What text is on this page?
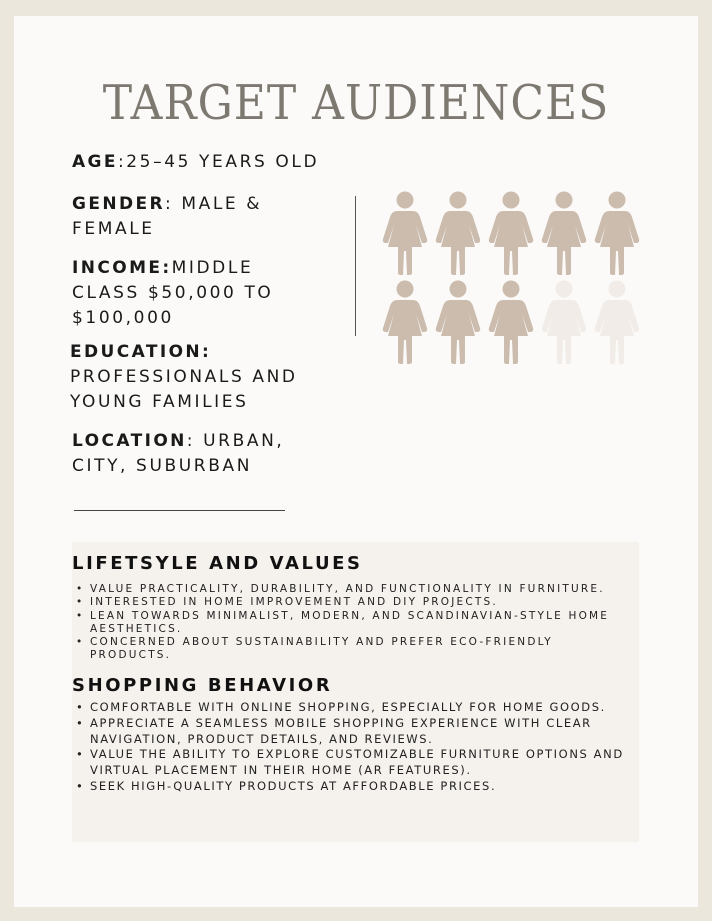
TARGET AUDIENCES
AGE:25–45 YEARS OLD
GENDER: MALE & FEMALE
INCOME:MIDDLE CLASS $50,000 TO $100,000
EDUCATION:
PROFESSIONALS AND YOUNG FAMILIES
LOCATION: URBAN, CITY, SUBURBAN
LIFETSYLE AND VALUES
• VALUE PRACTICALITY, DURABILITY, AND FUNCTIONALITY IN FURNITURE.
• INTERESTED IN HOME IMPROVEMENT AND DIY PROJECTS.
• LEAN TOWARDS MINIMALIST, MODERN, AND SCANDINAVIAN-STYLE HOME AESTHETICS.
• CONCERNED ABOUT SUSTAINABILITY AND PREFER ECO-FRIENDLY PRODUCTS.
SHOPPING BEHAVIOR
• COMFORTABLE WITH ONLINE SHOPPING, ESPECIALLY FOR HOME GOODS.
• APPRECIATE A SEAMLESS MOBILE SHOPPING EXPERIENCE WITH CLEAR NAVIGATION, PRODUCT DETAILS, AND REVIEWS.
• VALUE THE ABILITY TO EXPLORE CUSTOMIZABLE FURNITURE OPTIONS AND VIRTUAL PLACEMENT IN THEIR HOME (AR FEATURES).
• SEEK HIGH-QUALITY PRODUCTS AT AFFORDABLE PRICES.
